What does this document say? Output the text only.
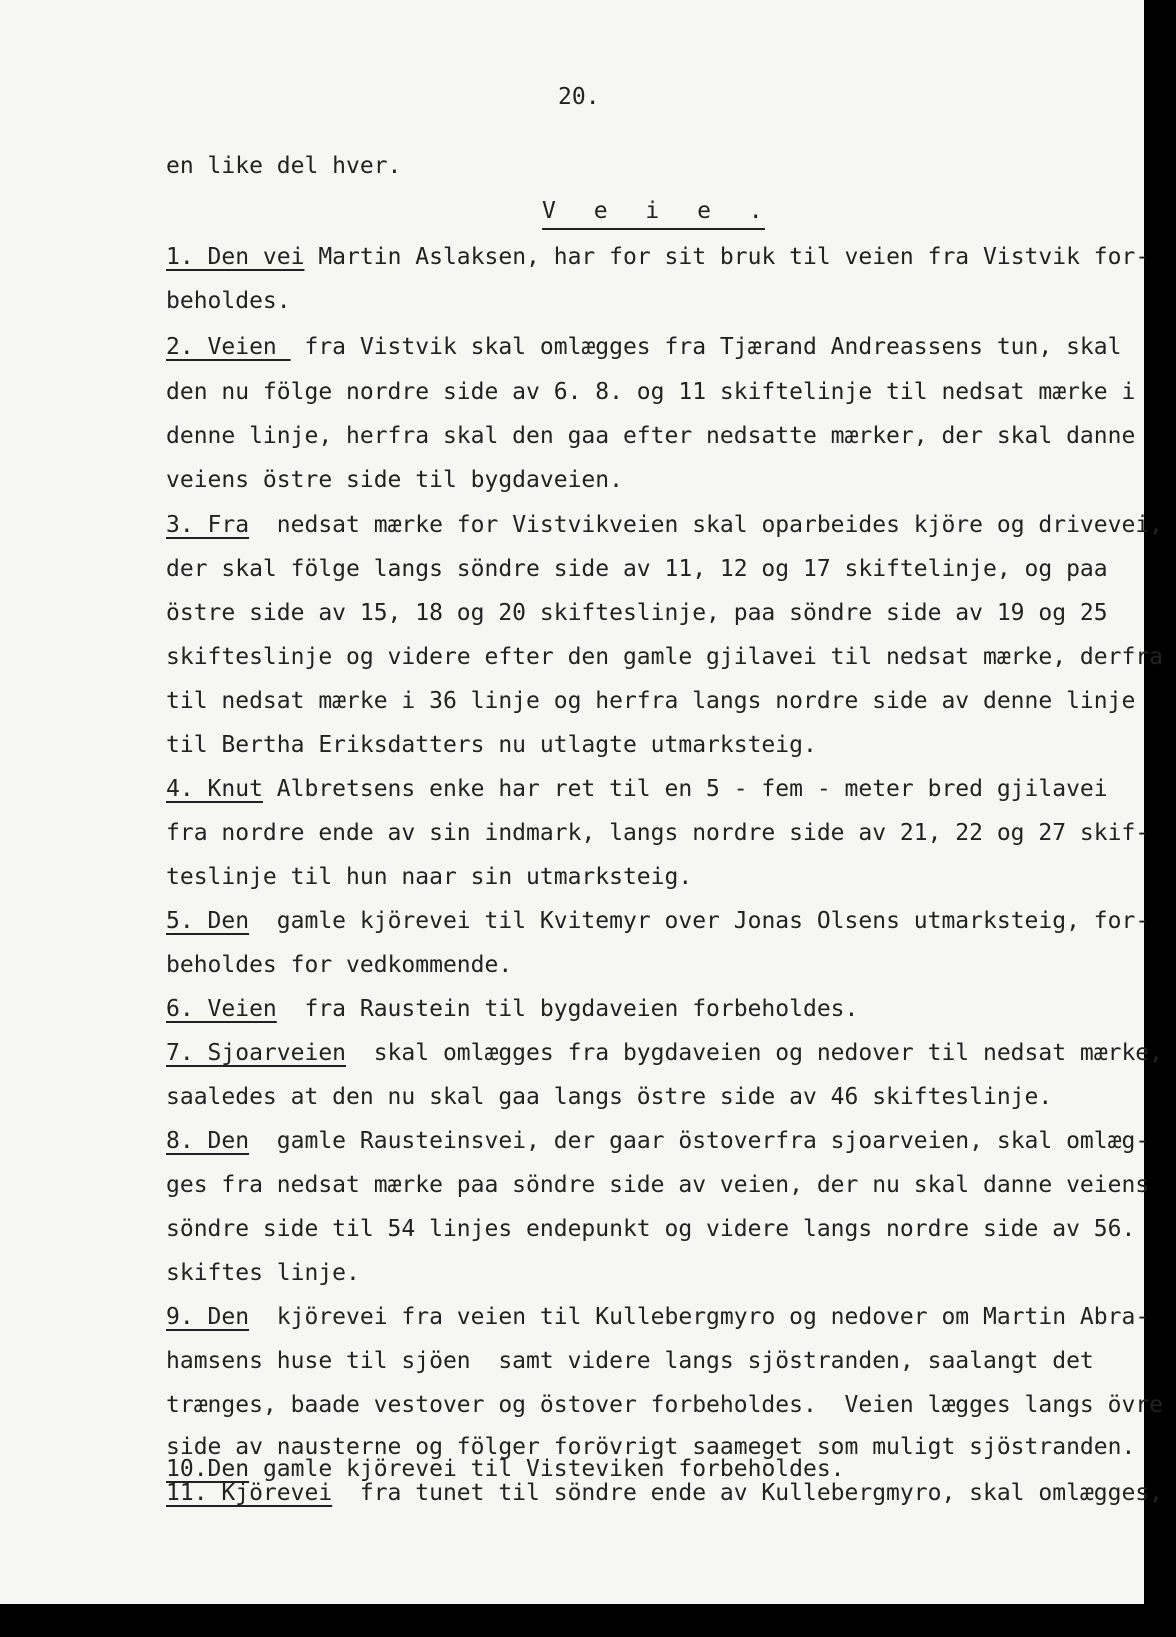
20.
V e i e .
en like del hver.
1. Den vei Martin Aslaksen, har for sit bruk til veien fra Vistvik for-
beholdes.
2. Veien  fra Vistvik skal omlægges fra Tjærand Andreassens tun, skal
den nu fölge nordre side av 6. 8. og 11 skiftelinje til nedsat mærke i
denne linje, herfra skal den gaa efter nedsatte mærker, der skal danne
veiens östre side til bygdaveien.
3. Fra  nedsat mærke for Vistvikveien skal oparbeides kjöre og drivevei,
der skal fölge langs söndre side av 11, 12 og 17 skiftelinje, og paa
östre side av 15, 18 og 20 skifteslinje, paa söndre side av 19 og 25
skifteslinje og videre efter den gamle gjilavei til nedsat mærke, derfra
til nedsat mærke i 36 linje og herfra langs nordre side av denne linje
til Bertha Eriksdatters nu utlagte utmarksteig.
4. Knut Albretsens enke har ret til en 5 - fem - meter bred gjilavei
fra nordre ende av sin indmark, langs nordre side av 21, 22 og 27 skif-
teslinje til hun naar sin utmarksteig.
5. Den  gamle kjörevei til Kvitemyr over Jonas Olsens utmarksteig, for-
beholdes for vedkommende.
6. Veien  fra Raustein til bygdaveien forbeholdes.
7. Sjoarveien  skal omlægges fra bygdaveien og nedover til nedsat mærke,
saaledes at den nu skal gaa langs östre side av 46 skifteslinje.
8. Den  gamle Rausteinsvei, der gaar östoverfra sjoarveien, skal omlæg-
ges fra nedsat mærke paa söndre side av veien, der nu skal danne veiens
söndre side til 54 linjes endepunkt og videre langs nordre side av 56.
skiftes linje.
9. Den  kjörevei fra veien til Kullebergmyro og nedover om Martin Abra-
hamsens huse til sjöen  samt videre langs sjöstranden, saalangt det
trænges, baade vestover og östover forbeholdes.  Veien lægges langs övre
side av nausterne og fölger forövrigt saameget som muligt sjöstranden.
10.Den gamle kjörevei til Visteviken forbeholdes.
11. Kjörevei  fra tunet til söndre ende av Kullebergmyro, skal omlægges,
